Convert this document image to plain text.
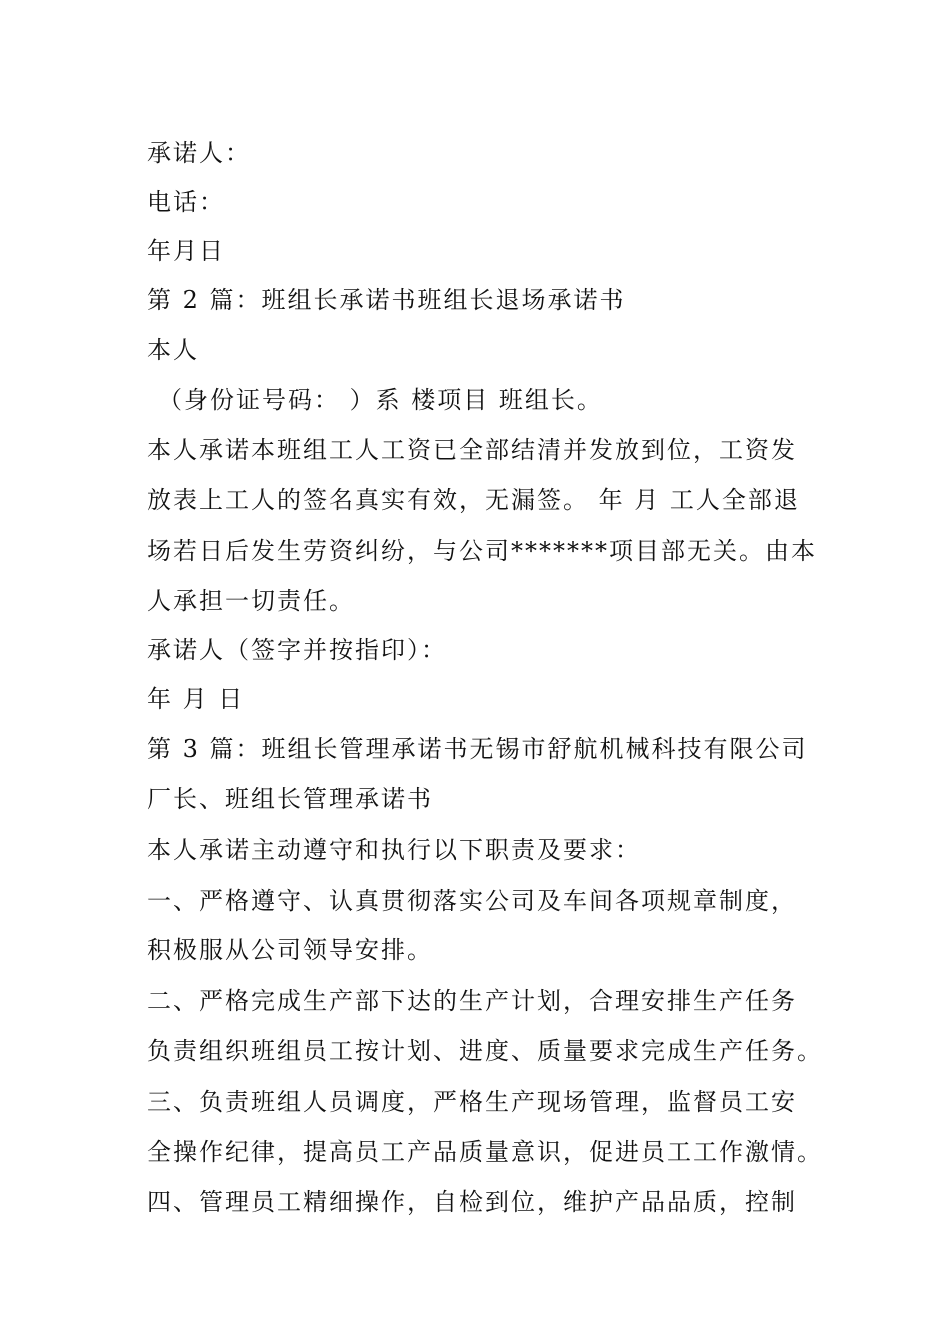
承诺人：
电话：
年月日
第 2 篇：班组长承诺书班组长退场承诺书
本人
（身份证号码： ）系 楼项目 班组长。
本人承诺本班组工人工资已全部结清并发放到位，工资发
放表上工人的签名真实有效，无漏签。 年 月 工人全部退
场若日后发生劳资纠纷，与公司*******项目部无关。由本
人承担一切责任。
承诺人（签字并按指印）：
年 月 日
第 3 篇：班组长管理承诺书无锡市舒航机械科技有限公司
厂长、班组长管理承诺书
本人承诺主动遵守和执行以下职责及要求：
一、严格遵守、认真贯彻落实公司及车间各项规章制度，
积极服从公司领导安排。
二、严格完成生产部下达的生产计划，合理安排生产任务
负责组织班组员工按计划、进度、质量要求完成生产任务。
三、负责班组人员调度，严格生产现场管理，监督员工安
全操作纪律，提高员工产品质量意识，促进员工工作激情。
四、管理员工精细操作，自检到位，维护产品品质，控制
